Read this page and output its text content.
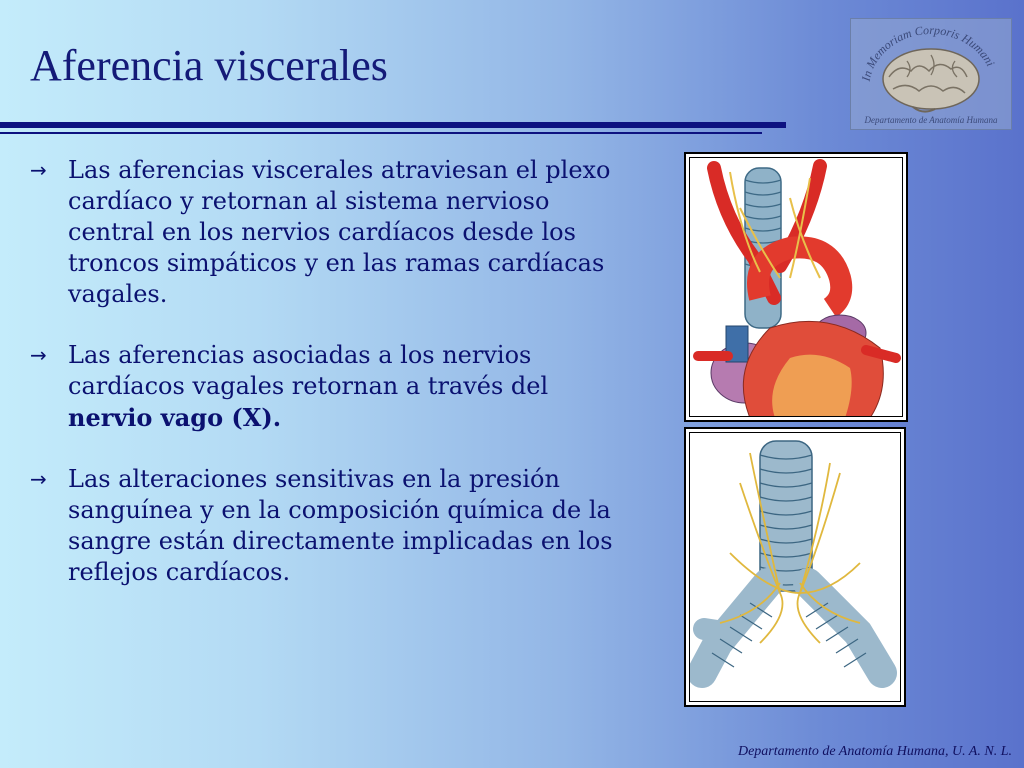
Aferencia viscerales	In Memoriam Corporis Humani
Departamento de Anatomía Humana
→ Las aferencias viscerales atraviesan el plexo cardíaco y retornan al sistema nervioso central en los nervios cardíacos desde los troncos simpáticos y en las ramas cardíacas vagales.
→ Las aferencias asociadas a los nervios cardíacos vagales retornan a través del nervio vago (X).
→ Las alteraciones sensitivas en la presión sanguínea y en la composición química de la sangre están directamente implicadas en los reflejos cardíacos.
Departamento de Anatomía Humana, U. A. N. L.
